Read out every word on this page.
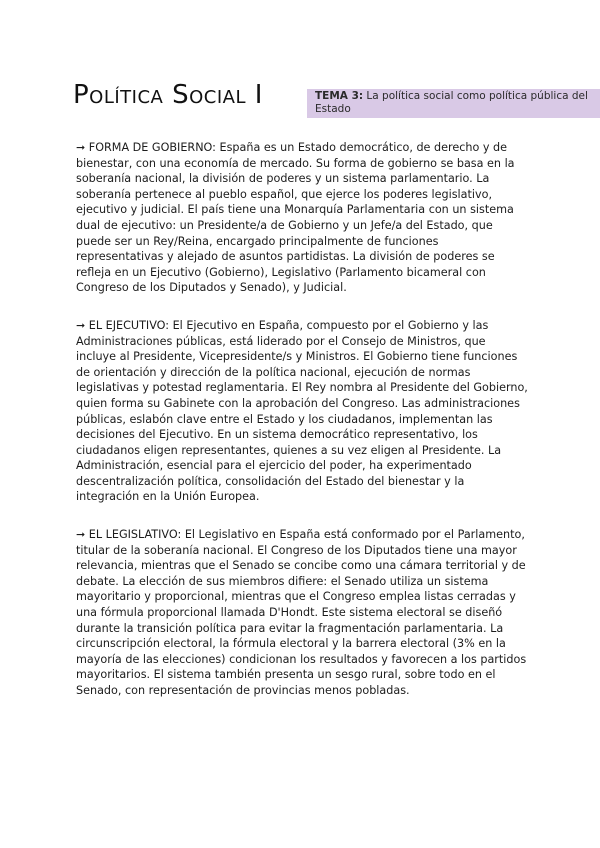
Política Social I	TEMA 3: La política social como política pública del Estado

➞ FORMA DE GOBIERNO: España es un Estado democrático, de derecho y de bienestar, con una economía de mercado. Su forma de gobierno se basa en la soberanía nacional, la división de poderes y un sistema parlamentario. La soberanía pertenece al pueblo español, que ejerce los poderes legislativo, ejecutivo y judicial. El país tiene una Monarquía Parlamentaria con un sistema dual de ejecutivo: un Presidente/a de Gobierno y un Jefe/a del Estado, que puede ser un Rey/Reina, encargado principalmente de funciones representativas y alejado de asuntos partidistas. La división de poderes se refleja en un Ejecutivo (Gobierno), Legislativo (Parlamento bicameral con Congreso de los Diputados y Senado), y Judicial.

➞ EL EJECUTIVO: El Ejecutivo en España, compuesto por el Gobierno y las Administraciones públicas, está liderado por el Consejo de Ministros, que incluye al Presidente, Vicepresidente/s y Ministros. El Gobierno tiene funciones de orientación y dirección de la política nacional, ejecución de normas legislativas y potestad reglamentaria. El Rey nombra al Presidente del Gobierno, quien forma su Gabinete con la aprobación del Congreso. Las administraciones públicas, eslabón clave entre el Estado y los ciudadanos, implementan las decisiones del Ejecutivo. En un sistema democrático representativo, los ciudadanos eligen representantes, quienes a su vez eligen al Presidente. La Administración, esencial para el ejercicio del poder, ha experimentado descentralización política, consolidación del Estado del bienestar y la integración en la Unión Europea.

➞ EL LEGISLATIVO: El Legislativo en España está conformado por el Parlamento, titular de la soberanía nacional. El Congreso de los Diputados tiene una mayor relevancia, mientras que el Senado se concibe como una cámara territorial y de debate. La elección de sus miembros difiere: el Senado utiliza un sistema mayoritario y proporcional, mientras que el Congreso emplea listas cerradas y una fórmula proporcional llamada D'Hondt. Este sistema electoral se diseñó durante la transición política para evitar la fragmentación parlamentaria. La circunscripción electoral, la fórmula electoral y la barrera electoral (3% en la mayoría de las elecciones) condicionan los resultados y favorecen a los partidos mayoritarios. El sistema también presenta un sesgo rural, sobre todo en el Senado, con representación de provincias menos pobladas.
